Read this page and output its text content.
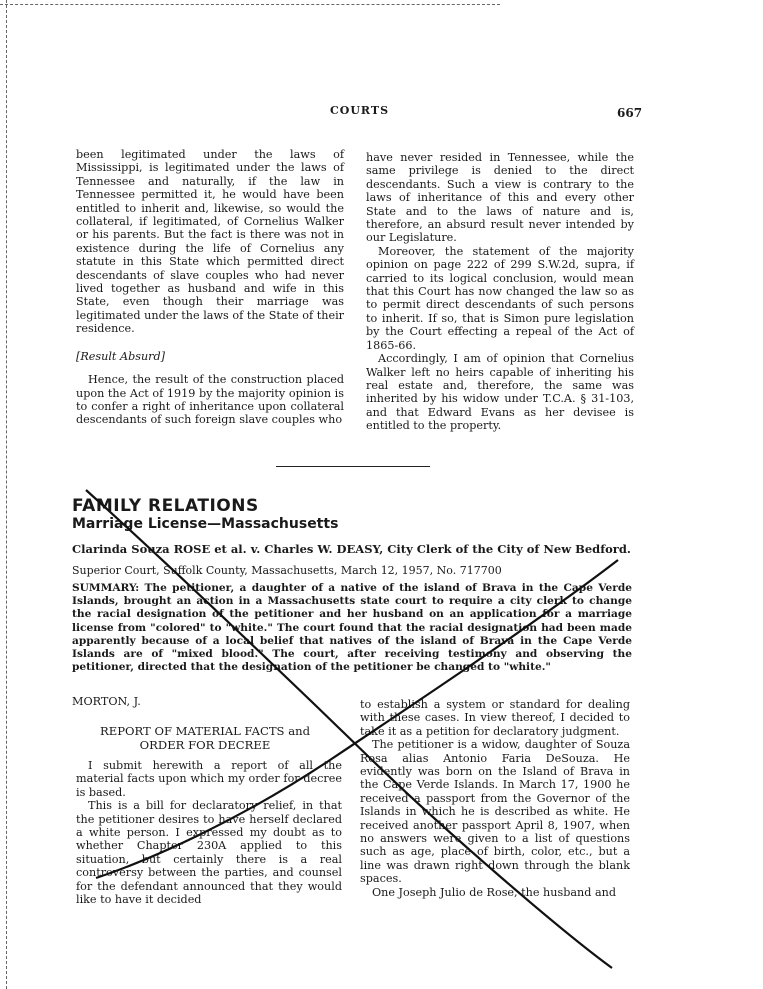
COURTS	667

been legitimated under the laws of Mississippi, is legitimated under the laws of Tennessee and naturally, if the law in Tennessee permitted it, he would have been entitled to inherit and, likewise, so would the collateral, if legitimated, of Cornelius Walker or his parents. But the fact is there was not in existence during the life of Cornelius any statute in this State which permitted direct descendants of slave couples who had never lived together as husband and wife in this State, even though their marriage was legitimated under the laws of the State of their residence.

[Result Absurd]

Hence, the result of the construction placed upon the Act of 1919 by the majority opinion is to confer a right of inheritance upon collateral descendants of such foreign slave couples who

have never resided in Tennessee, while the same privilege is denied to the direct descendants. Such a view is contrary to the laws of inheritance of this and every other State and to the laws of nature and is, therefore, an absurd result never intended by our Legislature.

Moreover, the statement of the majority opinion on page 222 of 299 S.W.2d, supra, if carried to its logical conclusion, would mean that this Court has now changed the law so as to permit direct descendants of such persons to inherit. If so, that is Simon pure legislation by the Court effecting a repeal of the Act of 1865-66.

Accordingly, I am of opinion that Cornelius Walker left no heirs capable of inheriting his real estate and, therefore, the same was inherited by his widow under T.C.A. § 31-103, and that Edward Evans as her devisee is entitled to the property.

FAMILY RELATIONS
Marriage License—Massachusetts
Clarinda Souza ROSE et al. v. Charles W. DEASY, City Clerk of the City of New Bedford.
Superior Court, Suffolk County, Massachusetts, March 12, 1957, No. 717700
SUMMARY: The petitioner, a daughter of a native of the island of Brava in the Cape Verde Islands, brought an action in a Massachusetts state court to require a city clerk to change the racial designation of the petitioner and her husband on an application for a marriage license from "colored" to "white." The court found that the racial designation had been made apparently because of a local belief that natives of the island of Brava in the Cape Verde Islands are of "mixed blood." The court, after receiving testimony and observing the petitioner, directed that the designation of the petitioner be changed to "white."
MORTON, J.
REPORT OF MATERIAL FACTS and
ORDER FOR DECREE

I submit herewith a report of all the material facts upon which my order for decree is based.

This is a bill for declaratory relief, in that the petitioner desires to have herself declared a white person. I expressed my doubt as to whether Chapter 230A applied to this situation, but certainly there is a real controversy between the parties, and counsel for the defendant announced that they would like to have it decided

to establish a system or standard for dealing with these cases. In view thereof, I decided to take it as a petition for declaratory judgment.

The petitioner is a widow, daughter of Souza Rosa alias Antonio Faria DeSouza. He evidently was born on the Island of Brava in the Cape Verde Islands. In March 17, 1900 he received a passport from the Governor of the Islands in which he is described as white. He received another passport April 8, 1907, when no answers were given to a list of questions such as age, place of birth, color, etc., but a line was drawn right down through the blank spaces.

One Joseph Julio de Rose, the husband and
